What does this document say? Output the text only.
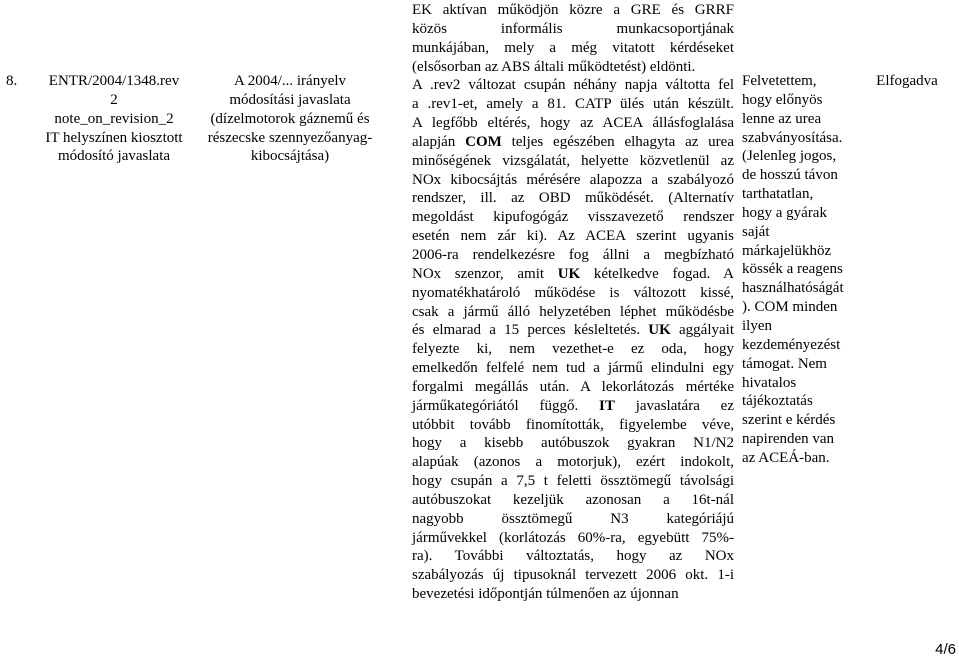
8.	ENTR/2004/1348.rev
2
note_on_revision_2
IT helyszínen kiosztott
módosító javaslata
A 2004/... irányelv
módosítási javaslata
(dízelmotorok gáznemű és
részecske szennyezőanyag-
kibocsájtása)
EK aktívan működjön közre a GRE és GRRF
közös informális munkacsoportjának
munkájában, mely a még vitatott kérdéseket
(elsősorban az ABS általi működtetést) eldönti.
A .rev2 változat csupán néhány napja váltotta fel
a .rev1-et, amely a 81. CATP ülés után készült.
A legfőbb eltérés, hogy az ACEA állásfoglalása
alapján COM teljes egészében elhagyta az urea
minőségének vizsgálatát, helyette közvetlenül az
NOx kibocsájtás mérésére alapozza a szabályozó
rendszer, ill. az OBD működését. (Alternatív
megoldást kipufogógáz visszavezető rendszer
esetén nem zár ki). Az ACEA szerint ugyanis
2006-ra rendelkezésre fog állni a megbízható
NOx szenzor, amit UK kételkedve fogad. A
nyomatékhatároló működése is változott kissé,
csak a jármű álló helyzetében léphet működésbe
és elmarad a 15 perces késleltetés. UK aggályait
felyezte ki, nem vezethet-e ez oda, hogy
emelkedőn felfelé nem tud a jármű elindulni egy
forgalmi megállás után. A lekorlátozás mértéke
járműkategóriától függő. IT javaslatára ez
utóbbit tovább finomították, figyelembe véve,
hogy a kisebb autóbuszok gyakran N1/N2
alapúak (azonos a motorjuk), ezért indokolt,
hogy csupán a 7,5 t feletti össztömegű távolsági
autóbuszokat kezeljük azonosan a 16t-nál
nagyobb össztömegű N3 kategóriájú
járművekkel (korlátozás 60%-ra, egyebütt 75%-
ra). További változtatás, hogy az NOx
szabályozás új tipusoknál tervezett 2006 okt. 1-i
bevezetési időpontján túlmenően az újonnan
Felvetettem,
hogy előnyös
lenne az urea
szabványosítása.
(Jelenleg jogos,
de hosszú távon
tarthatatlan,
hogy a gyárak
saját
márkajelükhöz
kössék a reagens
használhatóságát
). COM minden
ilyen
kezdeményezést
támogat. Nem
hivatalos
tájékoztatás
szerint e kérdés
napirenden van
az ACEÁ-ban.
Elfogadva
4/6
